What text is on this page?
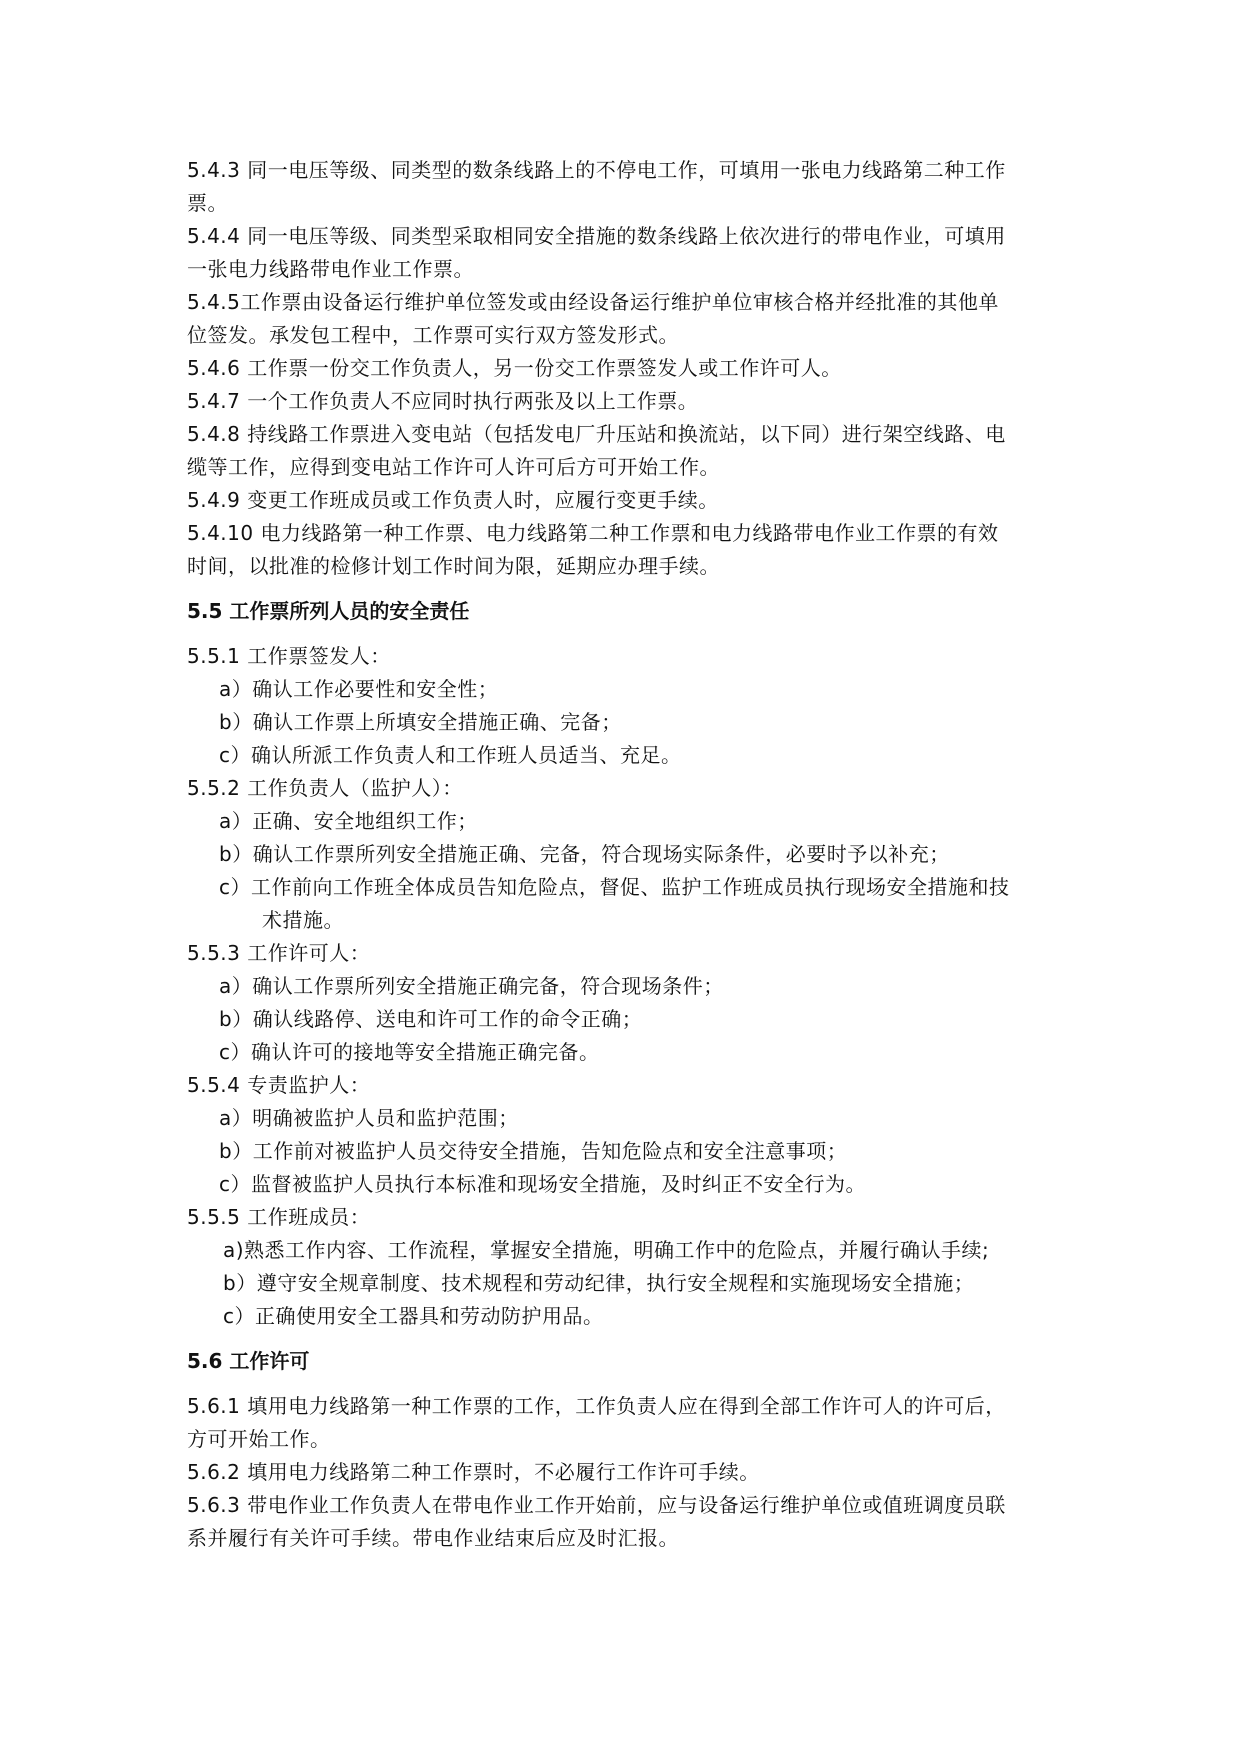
5.4.3 同一电压等级、同类型的数条线路上的不停电工作，可填用一张电力线路第二种工作
票。
5.4.4 同一电压等级、同类型采取相同安全措施的数条线路上依次进行的带电作业，可填用
一张电力线路带电作业工作票。
5.4.5工作票由设备运行维护单位签发或由经设备运行维护单位审核合格并经批准的其他单
位签发。承发包工程中，工作票可实行双方签发形式。
5.4.6 工作票一份交工作负责人，另一份交工作票签发人或工作许可人。
5.4.7 一个工作负责人不应同时执行两张及以上工作票。
5.4.8 持线路工作票进入变电站（包括发电厂升压站和换流站，以下同）进行架空线路、电
缆等工作，应得到变电站工作许可人许可后方可开始工作。
5.4.9 变更工作班成员或工作负责人时，应履行变更手续。
5.4.10 电力线路第一种工作票、电力线路第二种工作票和电力线路带电作业工作票的有效
时间，以批准的检修计划工作时间为限，延期应办理手续。
5.5 工作票所列人员的安全责任
5.5.1 工作票签发人：
a）确认工作必要性和安全性；
b）确认工作票上所填安全措施正确、完备；
c）确认所派工作负责人和工作班人员适当、充足。
5.5.2 工作负责人（监护人）：
a）正确、安全地组织工作；
b）确认工作票所列安全措施正确、完备，符合现场实际条件，必要时予以补充；
c）工作前向工作班全体成员告知危险点，督促、监护工作班成员执行现场安全措施和技
术措施。
5.5.3 工作许可人：
a）确认工作票所列安全措施正确完备，符合现场条件；
b）确认线路停、送电和许可工作的命令正确；
c）确认许可的接地等安全措施正确完备。
5.5.4 专责监护人：
a）明确被监护人员和监护范围；
b）工作前对被监护人员交待安全措施，告知危险点和安全注意事项；
c）监督被监护人员执行本标准和现场安全措施，及时纠正不安全行为。
5.5.5 工作班成员：
a)熟悉工作内容、工作流程，掌握安全措施，明确工作中的危险点，并履行确认手续;
b）遵守安全规章制度、技术规程和劳动纪律，执行安全规程和实施现场安全措施；
c）正确使用安全工器具和劳动防护用品。
5.6 工作许可
5.6.1 填用电力线路第一种工作票的工作，工作负责人应在得到全部工作许可人的许可后，
方可开始工作。
5.6.2 填用电力线路第二种工作票时，不必履行工作许可手续。
5.6.3 带电作业工作负责人在带电作业工作开始前，应与设备运行维护单位或值班调度员联
系并履行有关许可手续。带电作业结束后应及时汇报。
